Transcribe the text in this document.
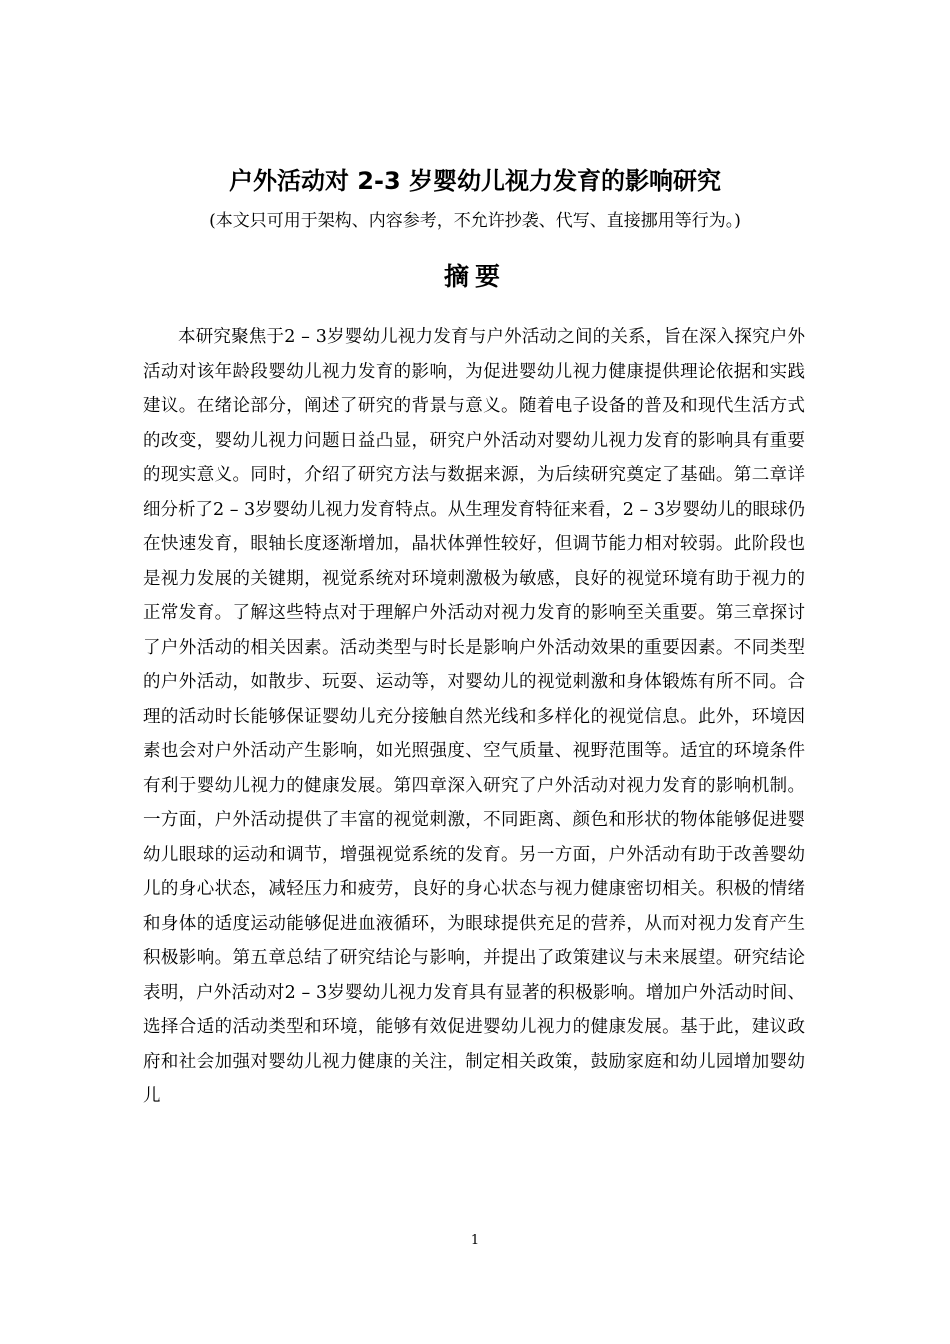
户外活动对 2-3 岁婴幼儿视力发育的影响研究
(本文只可用于架构、内容参考，不允许抄袭、代写、直接挪用等行为。)
摘要

本研究聚焦于2 – 3岁婴幼儿视力发育与户外活动之间的关系，旨在深入探究户外活动对该年龄段婴幼儿视力发育的影响，为促进婴幼儿视力健康提供理论依据和实践建议。在绪论部分，阐述了研究的背景与意义。随着电子设备的普及和现代生活方式的改变，婴幼儿视力问题日益凸显，研究户外活动对婴幼儿视力发育的影响具有重要的现实意义。同时，介绍了研究方法与数据来源，为后续研究奠定了基础。第二章详细分析了2 – 3岁婴幼儿视力发育特点。从生理发育特征来看，2 – 3岁婴幼儿的眼球仍在快速发育，眼轴长度逐渐增加，晶状体弹性较好，但调节能力相对较弱。此阶段也是视力发展的关键期，视觉系统对环境刺激极为敏感，良好的视觉环境有助于视力的正常发育。了解这些特点对于理解户外活动对视力发育的影响至关重要。第三章探讨了户外活动的相关因素。活动类型与时长是影响户外活动效果的重要因素。不同类型的户外活动，如散步、玩耍、运动等，对婴幼儿的视觉刺激和身体锻炼有所不同。合理的活动时长能够保证婴幼儿充分接触自然光线和多样化的视觉信息。此外，环境因素也会对户外活动产生影响，如光照强度、空气质量、视野范围等。适宜的环境条件有利于婴幼儿视力的健康发展。第四章深入研究了户外活动对视力发育的影响机制。一方面，户外活动提供了丰富的视觉刺激，不同距离、颜色和形状的物体能够促进婴幼儿眼球的运动和调节，增强视觉系统的发育。另一方面，户外活动有助于改善婴幼儿的身心状态，减轻压力和疲劳，良好的身心状态与视力健康密切相关。积极的情绪和身体的适度运动能够促进血液循环，为眼球提供充足的营养，从而对视力发育产生积极影响。第五章总结了研究结论与影响，并提出了政策建议与未来展望。研究结论表明，户外活动对2 – 3岁婴幼儿视力发育具有显著的积极影响。增加户外活动时间、选择合适的活动类型和环境，能够有效促进婴幼儿视力的健康发展。基于此，建议政府和社会加强对婴幼儿视力健康的关注，制定相关政策，鼓励家庭和幼儿园增加婴幼儿

1
